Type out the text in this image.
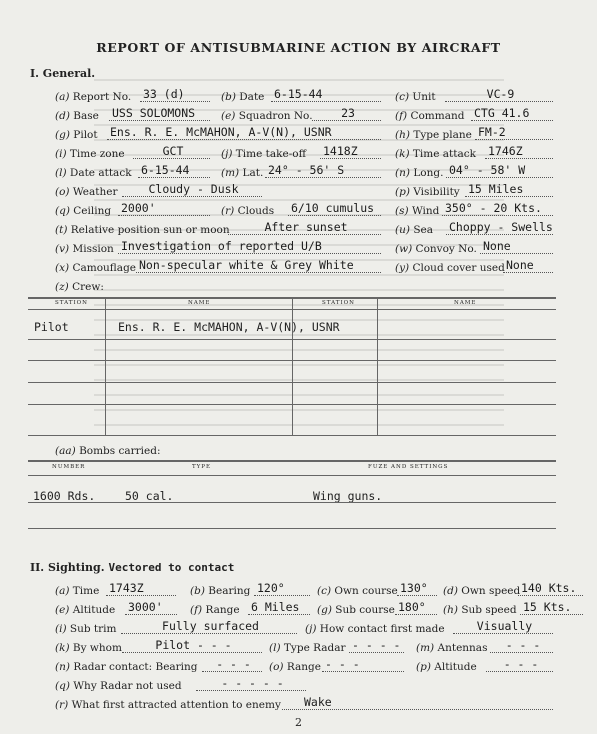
REPORT OF ANTISUBMARINE ACTION BY AIRCRAFT
I. General.
(a) Report No. 33 (d)	(b) Date 6-15-44	(c) Unit	VC-9
(d) Base USS SOLOMONS	(e) Squadron No.	23	(f) Command CTG 41.6
(g) Pilot Ens. R. E. McMAHON, A-V(N), USNR	(h) Type plane FM-2
(i) Time zone	GCT	(j) Time take-off 1418Z	(k) Time attack 1746Z
(l) Date attack 6-15-44	(m) Lat. 24° - 56' S	(n) Long. 04° - 58' W
(o) Weather	Cloudy - Dusk	(p) Visibility 15 Miles
(q) Ceiling 2000'	(r) Clouds 6/10 cumulus	(s) Wind 350° - 20 Kts.
(t) Relative position sun or moon	After sunset	(u) Sea Choppy - Swells
(v) Mission Investigation of reported U/B	(w) Convoy No. None
(x) Camouflage Non-specular white & Grey White	(y) Cloud cover used None
(z) Crew:
STATION	NAME	STATION	NAME
Pilot	Ens. R. E. McMAHON, A-V(N), USNR
(aa) Bombs carried:
NUMBER	TYPE	FUZE AND SETTINGS
1600 Rds.	50 cal.	Wing guns.
II. Sighting. Vectored to contact
(a) Time 1743Z	(b) Bearing 120°	(c) Own course 130°	(d) Own speed 140 Kts.
(e) Altitude 3000'	(f) Range 6 Miles	(g) Sub course 180°	(h) Sub speed 15 Kts.
(i) Sub trim	Fully surfaced	(j) How contact first made	Visually
(k) By whom	Pilot - - -	(l) Type Radar - - - -	(m) Antennas	- - -
(n) Radar contact: Bearing	- - -	(o) Range - - -	(p) Altitude	- - -
(q) Why Radar not used	- - - - -
(r) What first attracted attention to enemy	Wake
2
